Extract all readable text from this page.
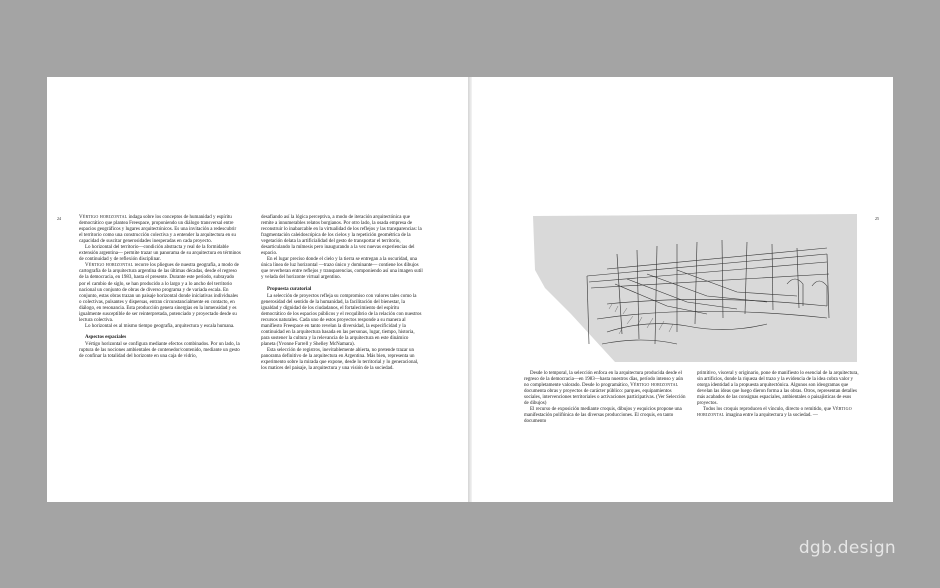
24	Vértigo horizontal indaga sobre los conceptos de humanidad y espíritu democrático que plantea Freespace, proponiendo un diálogo transversal entre espacios geográficos y lugares arquitectónicos. Es una invitación a redescubrir el territorio como una construcción colectiva y a entender la arquitectura en su capacidad de suscitar generosidades inesperadas en cada proyecto.

Lo horizontal del territorio—condición abstracta y real de la formidable extensión argentina— permite trazar un panorama de su arquitectura en términos de continuidad y de reflexión disciplinar.

Vértigo horizontal recorre los pliegues de nuestra geografía, a modo de cartografía de la arquitectura argentina de las últimas décadas, desde el regreso de la democracia, en 1983, hasta el presente. Durante este período, subrayado por el cambio de siglo, se han producido a lo largo y a lo ancho del territorio nacional un conjunto de obras de diverso programa y de variada escala. En conjunto, estas obras trazan un paisaje horizontal donde iniciativas individuales o colectivas, pulsantes y dispersas, entran circunstancialmente en contacto, en diálogo, en resonancia. Esta producción genera sinergias en la inmensidad y es igualmente susceptible de ser reinterpretada, potenciado y proyectado desde su lectura colectiva.

Lo horizontal es al mismo tiempo geografía, arquitectura y escala humana.

Aspectos espaciales

Vértigo horizontal se configura mediante efectos combinados. Por un lado, la ruptura de las nociones ambientales de contenedor/contenido, mediante un gesto de confinar la totalidad del horizonte en una caja de vidrio,

desafiando así la lógica perceptiva, a modo de iteración arquitectónica que remite a innumerables relatos borgianos. Por otro lado, la osada empresa de reconstruir lo inabarcable en la virtualidad de los reflejos y las transparencias: la fragmentación caleidoscópica de los cielos y la repetición geométrica de la vegetación delata la artificialidad del gesto de transportar el territorio, desarticulando la mímesis pero inaugurando a la vez nuevas experiencias del espacio.

En el lugar preciso donde el cielo y la tierra se entregan a la oscuridad, una única línea de luz horizontal —trazo único y dominante— contiene los dibujos que reverberan entre reflejos y transparencias, componiendo así una imagen sutil y velada del horizonte virtual argentino.

Propuesta curatorial

La selección de proyectos refleja su compromiso con valores tales como la generosidad del sentido de la humanidad, la facilitación del bienestar, la igualdad y dignidad de los ciudadanos, el fortalecimiento del espíritu democrático de los espacios públicos y el recqulibrio de la relación con nuestros recursos naturales. Cada uno de estos proyectos responde a su manera al manifiesto Freespace en tanto revelan la diversidad, la especificidad y la continuidad en la arquitectura basada en las personas, lugar, tiempo, historia, para sostener la cultura y la relevancia de la arquitectura en este dinámico planeta (Yvonne Farrell y Shelley McNamara).

Esta selección de registros, inevitablemente abierta, no pretende trazar un panorama definitivo de la arquitectura en Argentina. Más bien, representa un experimento sobre la mirada que expone, desde lo territorial y lo generacional, los matices del paisaje, la arquitectura y una visión de la sociedad.

25

Desde lo temporal, la selección enfoca en la arquitectura producida desde el regreso de la democracia—en 1983—hasta nuestros días, período intenso y aún no completamente valorado. Desde lo programático, Vértigo horizontal documenta obras y proyectos de carácter público: parques, equipamientos sociales, intervenciones territoriales o activaciones participativas. (Ver Selección de dibujos)

El recurso de exposición mediante croquis, dibujos y esquicios propone una manifestación polifónica de las diversas producciones. El croquis, en tanto documento

primitivo, visceral y originario, pone de manifiesto lo esencial de la arquitectura, sin artificios, donde la riqueza del trazo y la evidencia de la idea cobra valor y otorga identidad a la propuesta arquitectónica. Algunos son ideogramas que develan las ideas que luego dieron forma a las obras. Otros, representan detalles más acabados de las consignas espaciales, ambientales o paisajísticas de esos proyectos.

Todos los croquis reproducen el vínculo, directo o remitido, que Vértigo horizontal imagina entre la arquitectura y la sociedad. —

dgb.design
